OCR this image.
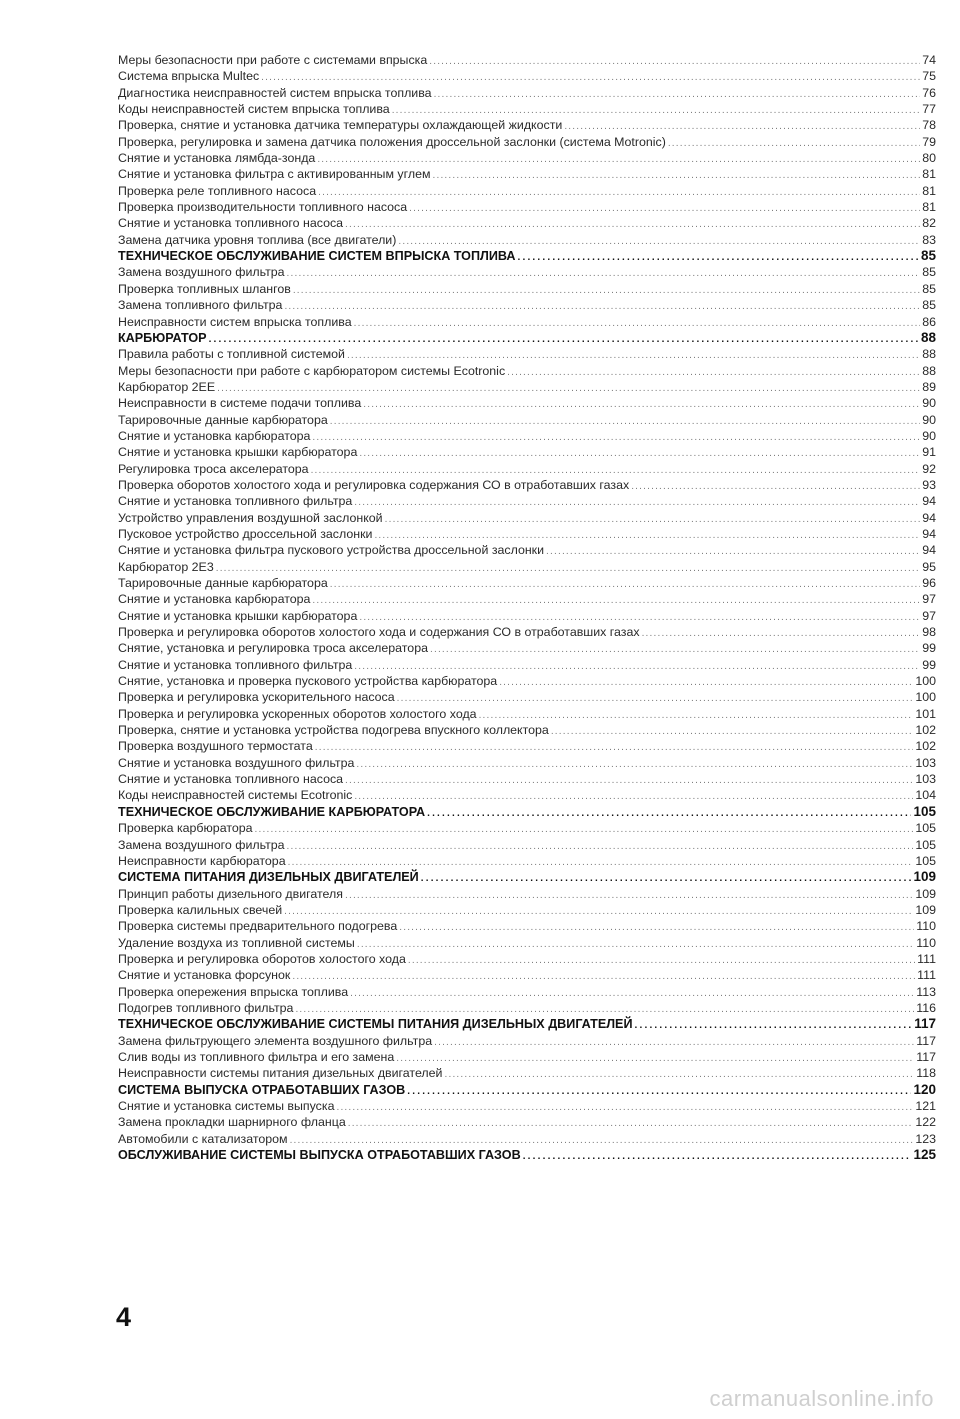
Меры безопасности при работе с системами впрыска .....	74
Система впрыска Multec .....	75
Диагностика неисправностей систем впрыска топлива .....	76
Коды неисправностей систем впрыска топлива .....	77
Проверка, снятие и установка датчика температуры охлаждающей жидкости .....	78
Проверка, регулировка и замена датчика положения дроссельной заслонки (система Motronic) .....	79
Снятие и установка лямбда-зонда .....	80
Снятие и установка фильтра с активированным углем .....	81
Проверка реле топливного насоса .....	81
Проверка производительности топливного насоса .....	81
Снятие и установка топливного насоса .....	82
Замена датчика уровня топлива (все двигатели) .....	83
ТЕХНИЧЕСКОЕ ОБСЛУЖИВАНИЕ СИСТЕМ ВПРЫСКА ТОПЛИВА .....	85
Замена воздушного фильтра .....	85
Проверка топливных шлангов .....	85
Замена топливного фильтра .....	85
Неисправности систем впрыска топлива .....	86
КАРБЮРАТОР .....	88
Правила работы с топливной системой .....	88
Меры безопасности при работе с карбюратором системы Ecotronic .....	88
Карбюратор 2ЕЕ .....	89
Неисправности в системе подачи топлива .....	90
Тарировочные данные карбюратора .....	90
Снятие и установка карбюратора .....	90
Снятие и установка крышки карбюратора .....	91
Регулировка троса акселератора .....	92
Проверка оборотов холостого хода и регулировка содержания СО в отработавших газах .....	93
Снятие и установка топливного фильтра .....	94
Устройство управления воздушной заслонкой .....	94
Пусковое устройство дроссельной заслонки .....	94
Снятие и установка фильтра пускового устройства дроссельной заслонки .....	94
Карбюратор 2Е3 .....	95
Тарировочные данные карбюратора .....	96
Снятие и установка карбюратора .....	97
Снятие и установка крышки карбюратора .....	97
Проверка и регулировка оборотов холостого хода и содержания СО в отработавших газах .....	98
Снятие, установка и регулировка троса акселератора .....	99
Снятие и установка топливного фильтра .....	99
Снятие, установка и проверка пускового устройства карбюратора .....	100
Проверка и регулировка ускорительного насоса .....	100
Проверка и регулировка ускоренных оборотов холостого хода .....	101
Проверка, снятие и установка устройства подогрева впускного коллектора .....	102
Проверка воздушного термостата .....	102
Снятие и установка воздушного фильтра .....	103
Снятие и установка топливного насоса .....	103
Коды неисправностей системы Ecotronic .....	104
ТЕХНИЧЕСКОЕ ОБСЛУЖИВАНИЕ КАРБЮРАТОРА .....	105
Проверка карбюратора .....	105
Замена воздушного фильтра .....	105
Неисправности карбюратора .....	105
СИСТЕМА ПИТАНИЯ ДИЗЕЛЬНЫХ ДВИГАТЕЛЕЙ .....	109
Принцип работы дизельного двигателя .....	109
Проверка калильных свечей .....	109
Проверка системы предварительного подогрева .....	110
Удаление воздуха из топливной системы .....	110
Проверка и регулировка оборотов холостого хода .....	111
Снятие и установка форсунок .....	111
Проверка опережения впрыска топлива .....	113
Подогрев топливного фильтра .....	116
ТЕХНИЧЕСКОЕ ОБСЛУЖИВАНИЕ СИСТЕМЫ ПИТАНИЯ ДИЗЕЛЬНЫХ ДВИГАТЕЛЕЙ .....	117
Замена фильтрующего элемента воздушного фильтра .....	117
Слив воды из топливного фильтра и его замена .....	117
Неисправности системы питания дизельных двигателей .....	118
СИСТЕМА ВЫПУСКА ОТРАБОТАВШИХ ГАЗОВ .....	120
Снятие и установка системы выпуска .....	121
Замена прокладки шарнирного фланца .....	122
Автомобили с катализатором .....	123
ОБСЛУЖИВАНИЕ СИСТЕМЫ ВЫПУСКА ОТРАБОТАВШИХ ГАЗОВ .....	125
4
carmanualsonline.info
